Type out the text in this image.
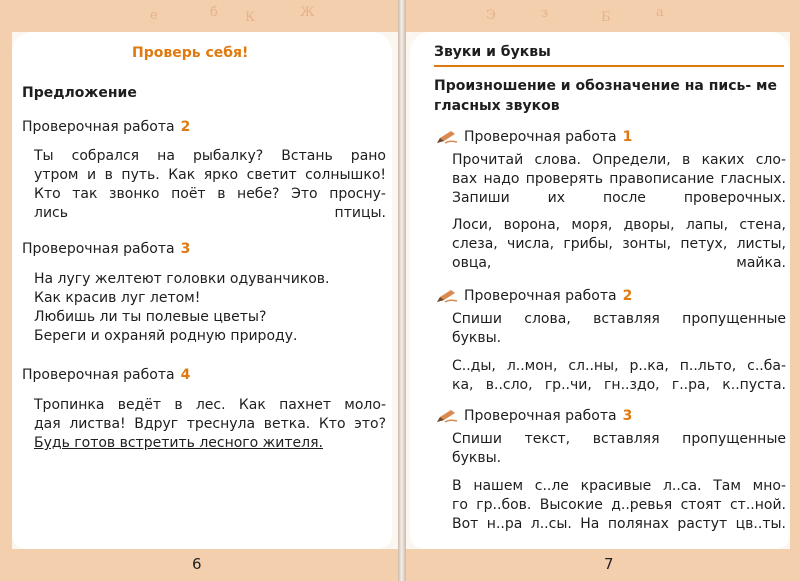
е	б К	Ж
6
Э	з	Б	а
7
Проверь себя!
Предложение
Проверочная работа 2
Ты собрался на рыбалку? Встань рано
утром и в путь. Как ярко светит солнышко!
Кто так звонко поёт в небе? Это просну-
лись птицы.
Проверочная работа 3
На лугу желтеют головки одуванчиков.
Как красив луг летом!
Любишь ли ты полевые цветы?
Береги и охраняй родную природу.
Проверочная работа 4
Тропинка ведёт в лес. Как пахнет моло-
дая листва! Вдруг треснула ветка. Кто это?
Будь готов встретить лесного жителя.
Звуки и буквы
Произношение и обозначение на пись- ме гласных звуков
Проверочная работа 1
Прочитай слова. Определи, в каких сло-
вах надо проверять правописание гласных.
Запиши их после проверочных.
Лоси, ворона, моря, дворы, лапы, стена,
слеза, числа, грибы, зонты, петух, листы,
овца, майка.
Проверочная работа 2
Спиши слова, вставляя пропущенные
буквы.
С..ды, л..мон, сл..ны, р..ка, п..льто, с..ба-
ка, в..сло, гр..чи, гн..здо, г..ра, к..пуста.
Проверочная работа 3
Спиши текст, вставляя пропущенные
буквы.
В нашем с..ле красивые л..са. Там мно-
го гр..бов. Высокие д..ревья стоят ст..ной.
Вот н..ра л..сы. На полянах растут цв..ты.
